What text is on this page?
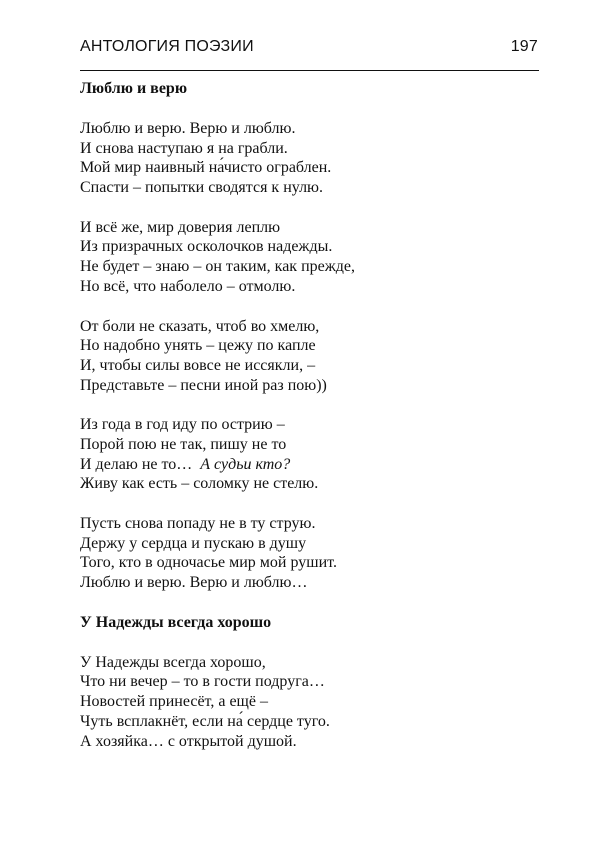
АНТОЛОГИЯ ПОЭЗИИ	197
Люблю и верю
Люблю и верю. Верю и люблю.
И снова наступаю я на грабли.
Мой мир наивный на́чисто ограблен.
Спасти – попытки сводятся к нулю.
И всё же, мир доверия леплю
Из призрачных осколочков надежды.
Не будет – знаю – он таким, как прежде,
Но всё, что наболело – отмолю.
От боли не сказать, чтоб во хмелю,
Но надобно унять – цежу по капле
И, чтобы силы вовсе не иссякли, –
Представьте – песни иной раз пою))
Из года в год иду по острию –
Порой пою не так, пишу не то
И делаю не то… А судьи кто?
Живу как есть – соломку не стелю.
Пусть снова попаду не в ту струю.
Держу у сердца и пускаю в душу
Того, кто в одночасье мир мой рушит.
Люблю и верю. Верю и люблю…
У Надежды всегда хорошо
У Надежды всегда хорошо,
Что ни вечер – то в гости подруга…
Новостей принесёт, а ещё –
Чуть всплакнёт, если на́ сердце туго.
А хозяйка… с открытой душой.
